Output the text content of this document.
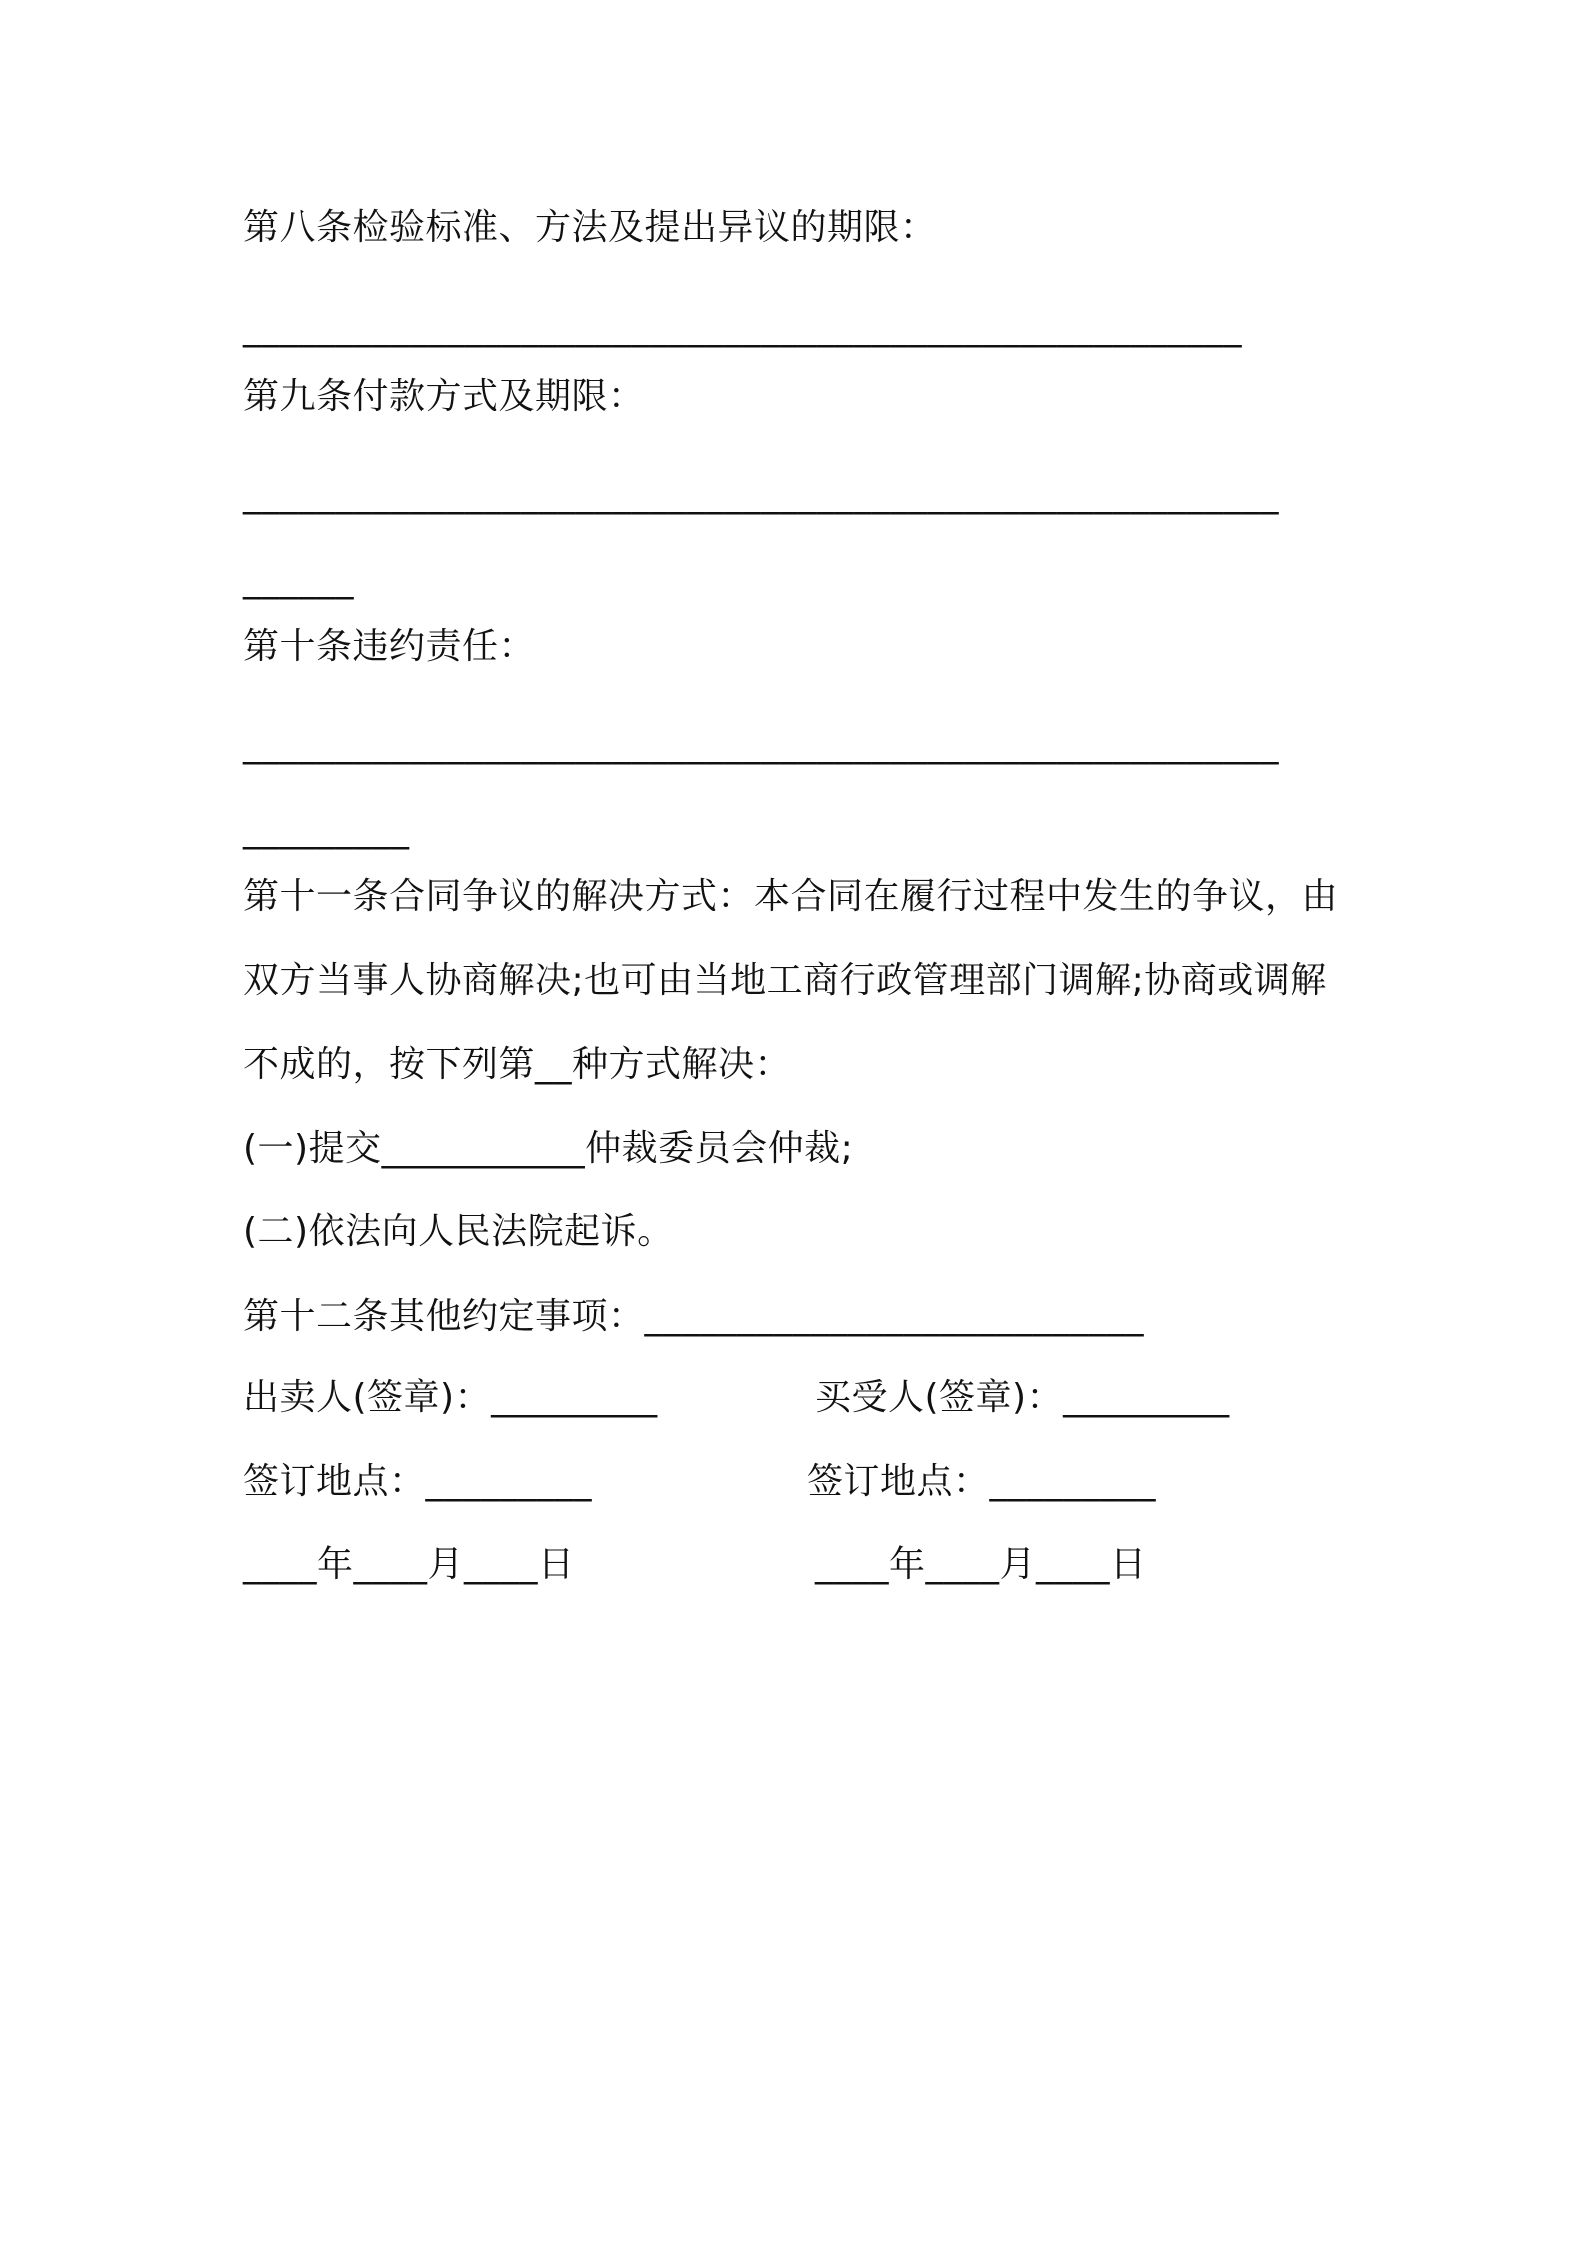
第八条检验标准、方法及提出异议的期限：
______________________________________________________
第九条付款方式及期限：
________________________________________________________
______
第十条违约责任：
________________________________________________________
_________
第十一条合同争议的解决方式：本合同在履行过程中发生的争议，由
双方当事人协商解决;也可由当地工商行政管理部门调解;协商或调解
不成的，按下列第__种方式解决：
(一)提交___________仲裁委员会仲裁;
(二)依法向人民法院起诉。
第十二条其他约定事项：___________________________
出卖人(签章)：_________	买受人(签章)：_________
签订地点：_________	签订地点：_________
____年____月____日	____年____月____日
